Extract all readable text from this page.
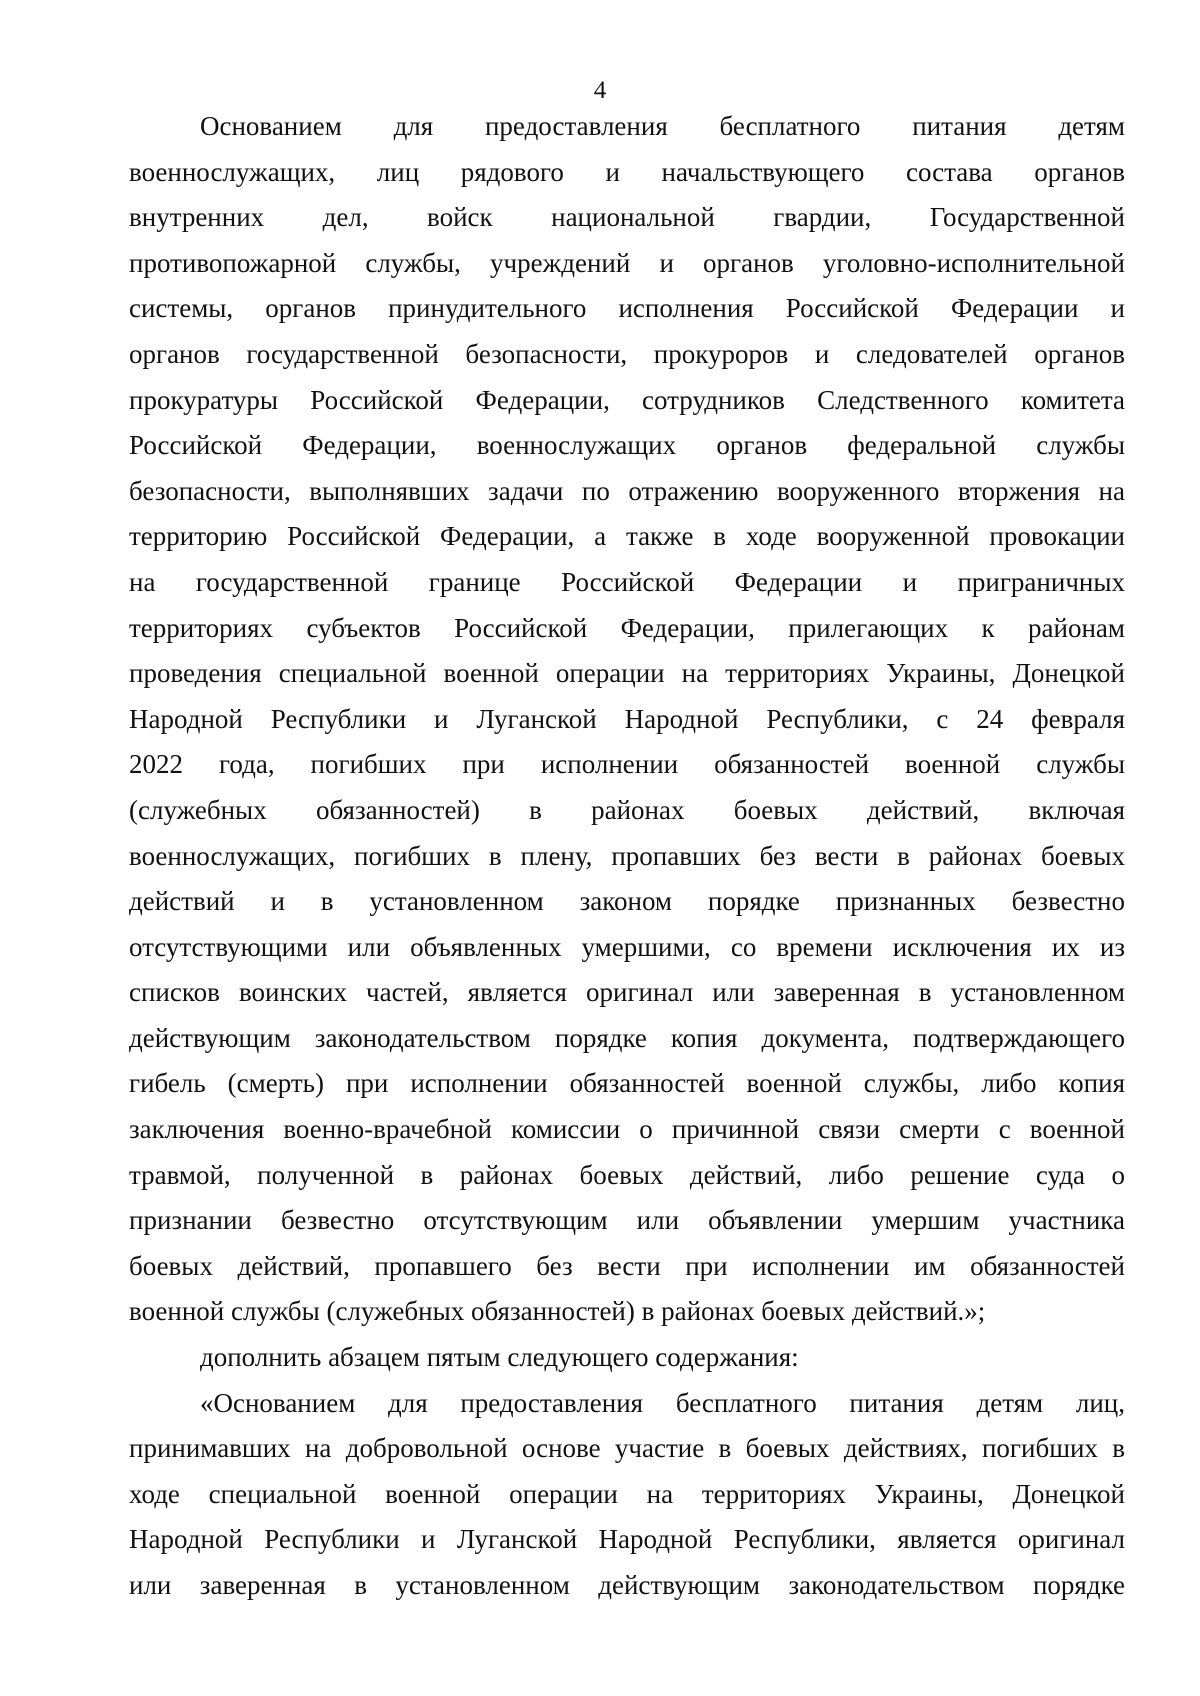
4
Основанием для предоставления бесплатного питания детям
военнослужащих, лиц рядового и начальствующего состава органов
внутренних дел, войск национальной гвардии, Государственной
противопожарной службы, учреждений и органов уголовно-исполнительной
системы, органов принудительного исполнения Российской Федерации и
органов государственной безопасности, прокуроров и следователей органов
прокуратуры Российской Федерации, сотрудников Следственного комитета
Российской Федерации, военнослужащих органов федеральной службы
безопасности, выполнявших задачи по отражению вооруженного вторжения на
территорию Российской Федерации, а также в ходе вооруженной провокации
на государственной границе Российской Федерации и приграничных
территориях субъектов Российской Федерации, прилегающих к районам
проведения специальной военной операции на территориях Украины, Донецкой
Народной Республики и Луганской Народной Республики, с 24 февраля
2022 года, погибших при исполнении обязанностей военной службы
(служебных обязанностей) в районах боевых действий, включая
военнослужащих, погибших в плену, пропавших без вести в районах боевых
действий и в установленном законом порядке признанных безвестно
отсутствующими или объявленных умершими, со времени исключения их из
списков воинских частей, является оригинал или заверенная в установленном
действующим законодательством порядке копия документа, подтверждающего
гибель (смерть) при исполнении обязанностей военной службы, либо копия
заключения военно-врачебной комиссии о причинной связи смерти с военной
травмой, полученной в районах боевых действий, либо решение суда о
признании безвестно отсутствующим или объявлении умершим участника
боевых действий, пропавшего без вести при исполнении им обязанностей
военной службы (служебных обязанностей) в районах боевых действий.»;
дополнить абзацем пятым следующего содержания:
«Основанием для предоставления бесплатного питания детям лиц,
принимавших на добровольной основе участие в боевых действиях, погибших в
ходе специальной военной операции на территориях Украины, Донецкой
Народной Республики и Луганской Народной Республики, является оригинал
или заверенная в установленном действующим законодательством порядке
